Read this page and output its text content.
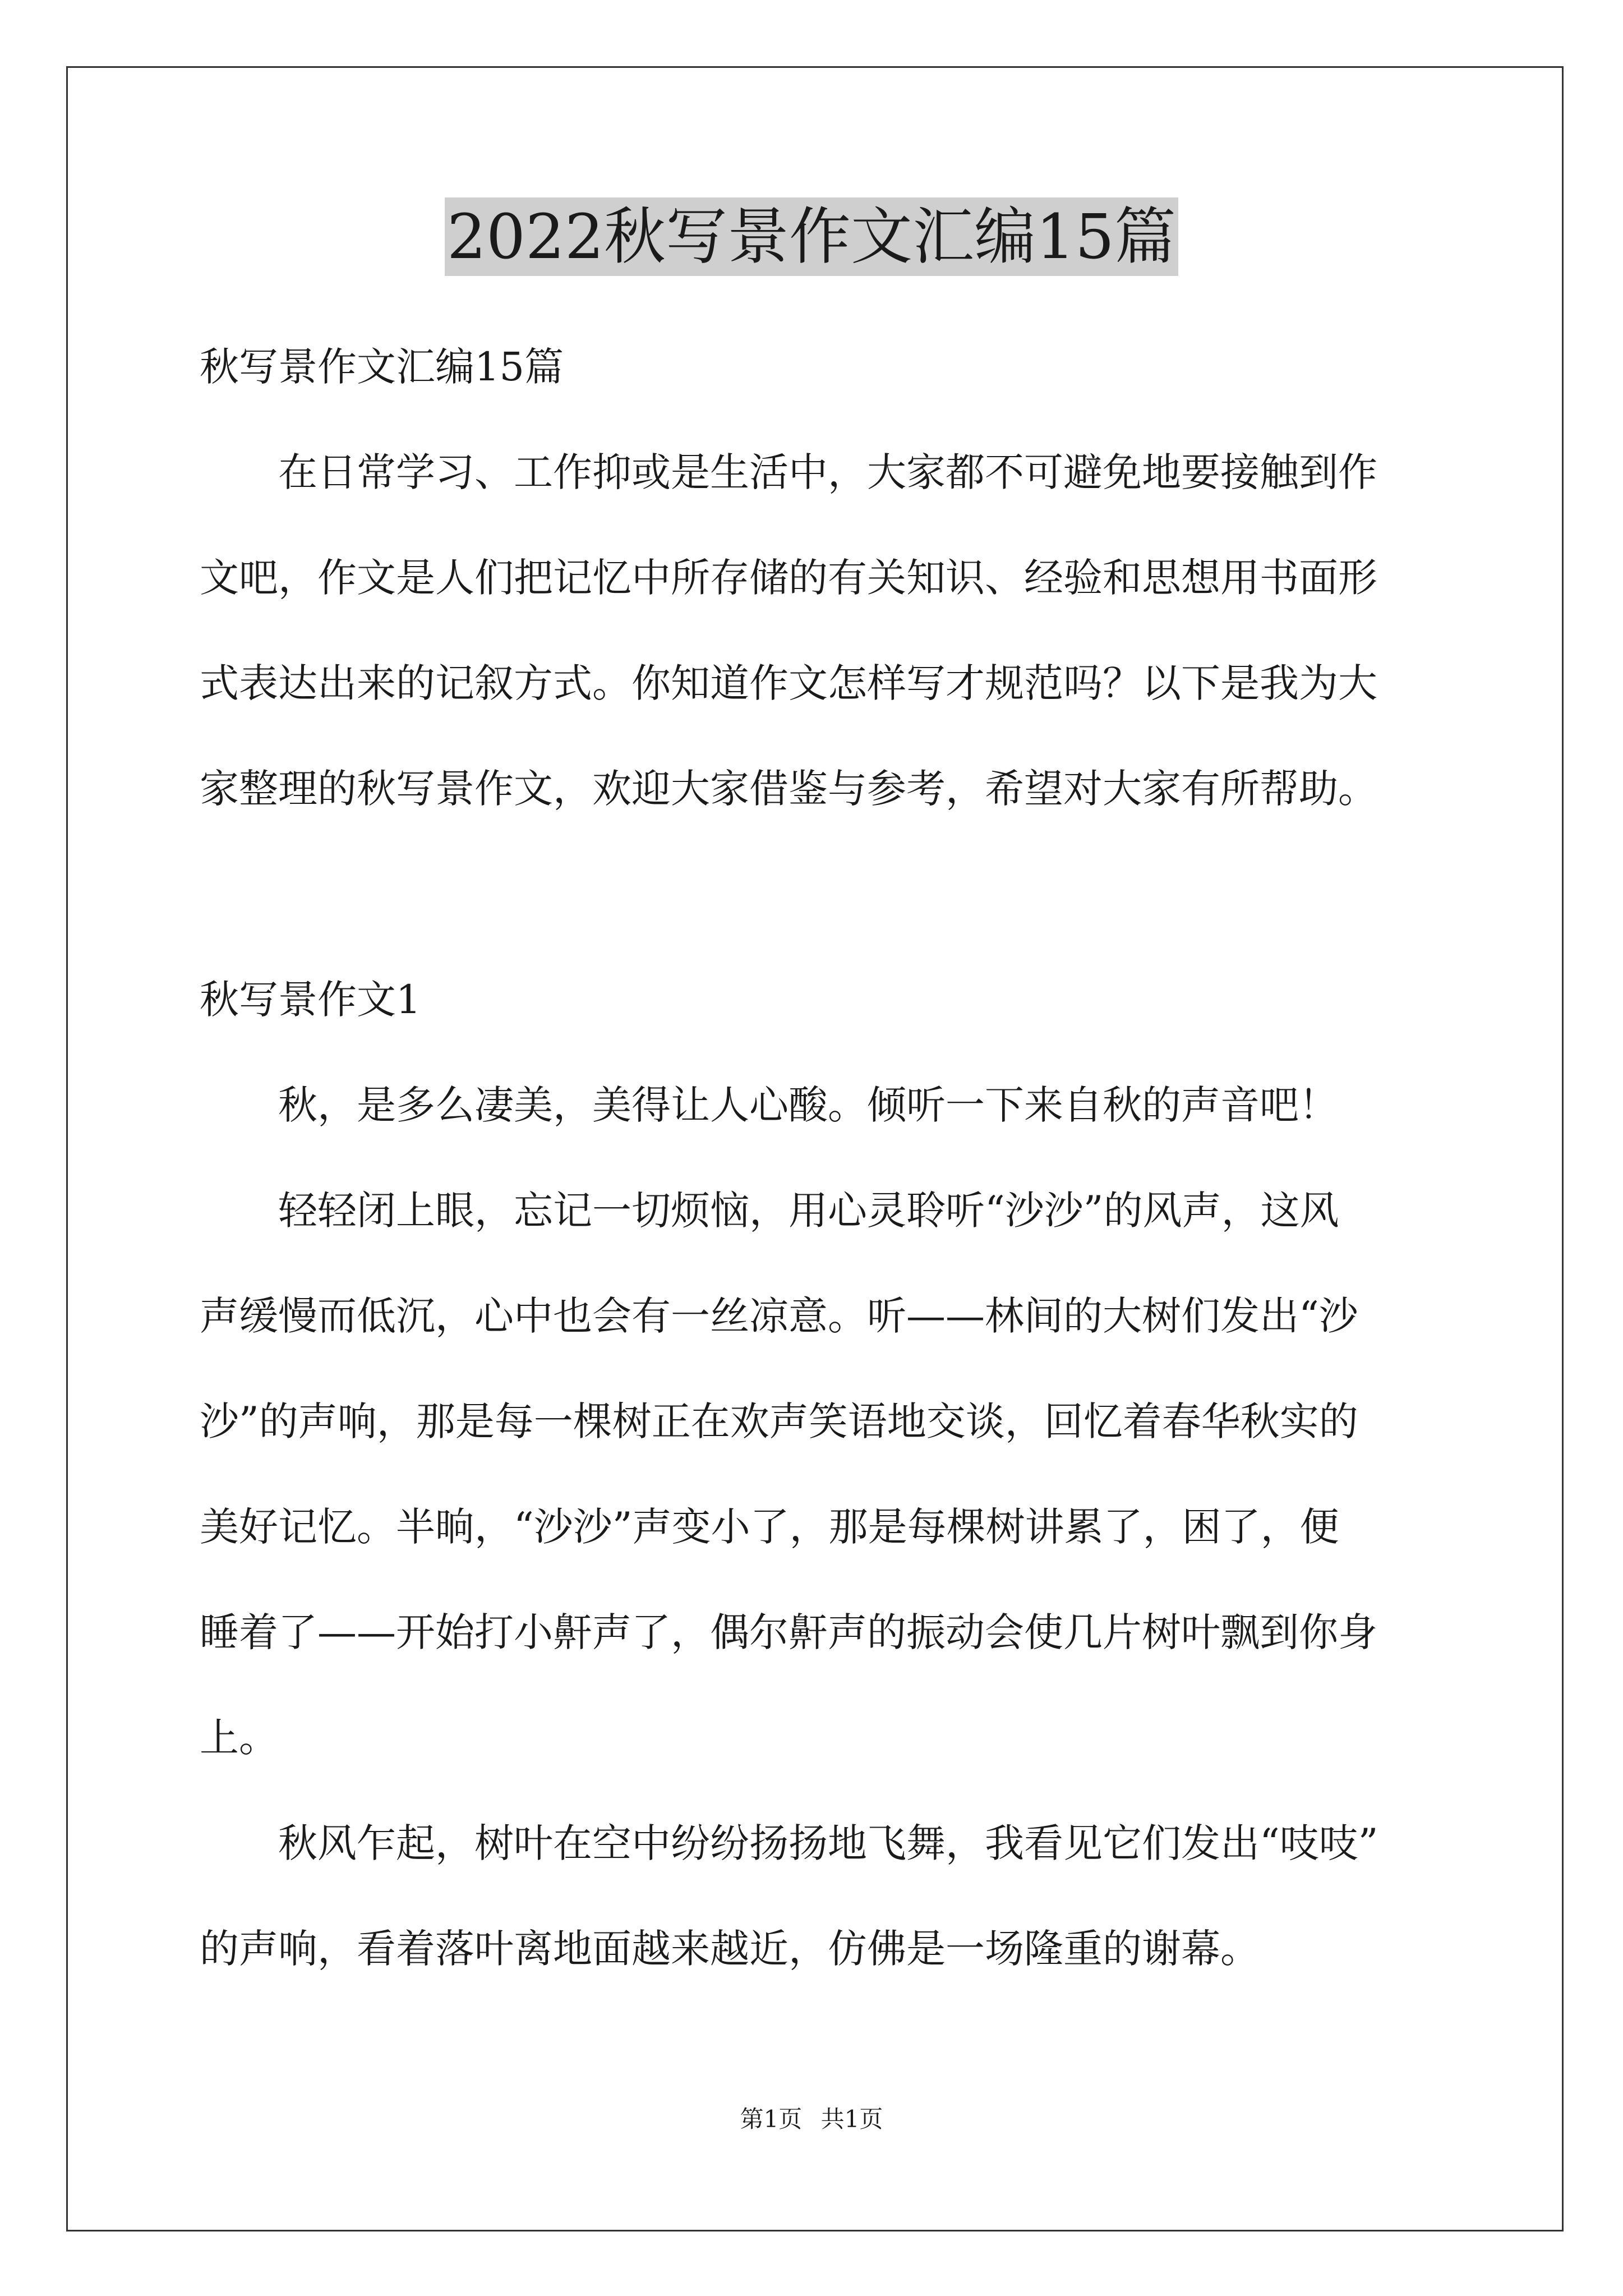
2022秋写景作文汇编15篇
秋写景作文汇编15篇
在日常学习、工作抑或是生活中，大家都不可避免地要接触到作
文吧，作文是人们把记忆中所存储的有关知识、经验和思想用书面形
式表达出来的记叙方式。你知道作文怎样写才规范吗？以下是我为大
家整理的秋写景作文，欢迎大家借鉴与参考，希望对大家有所帮助。
秋写景作文1
秋，是多么凄美，美得让人心酸。倾听一下来自秋的声音吧！
轻轻闭上眼，忘记一切烦恼，用心灵聆听“沙沙”的风声，这风
声缓慢而低沉，心中也会有一丝凉意。听——林间的大树们发出“沙
沙”的声响，那是每一棵树正在欢声笑语地交谈，回忆着春华秋实的
美好记忆。半晌，“沙沙”声变小了，那是每棵树讲累了，困了，便
睡着了——开始打小鼾声了，偶尔鼾声的振动会使几片树叶飘到你身
上。
秋风乍起，树叶在空中纷纷扬扬地飞舞，我看见它们发出“吱吱”
的声响，看着落叶离地面越来越近，仿佛是一场隆重的谢幕。
第1页 共1页
